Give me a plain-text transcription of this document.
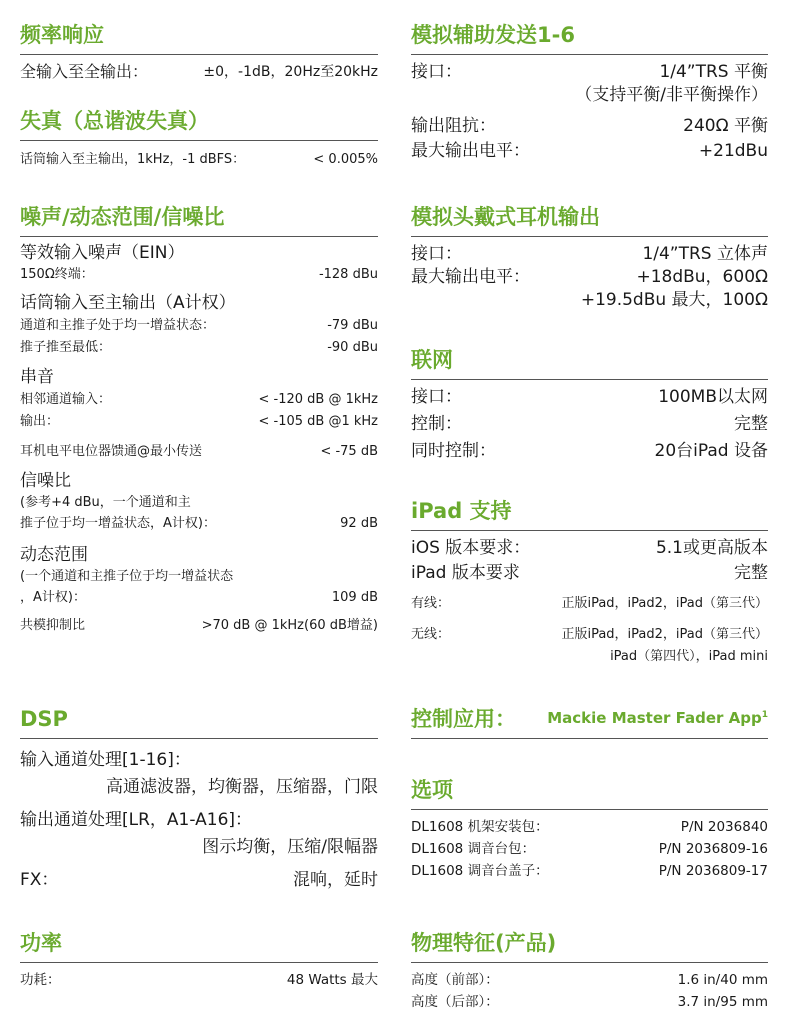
频率响应
全输入至全输出：	±0，-1dB，20Hz至20kHz
失真（总谐波失真）
话筒输入至主输出，1kHz，-1 dBFS：	< 0.005%
噪声/动态范围/信噪比
等效输入噪声（EIN）
150Ω终端：	-128 dBu
话筒输入至主输出（A计权）
通道和主推子处于均一增益状态：	-79 dBu
推子推至最低：	-90 dBu
串音
相邻通道输入：	< -120 dB @ 1kHz
输出：	< -105 dB @1 kHz
耳机电平电位器馈通@最小传送	< -75 dB
信噪比
(参考+4 dBu，一个通道和主
推子位于均一增益状态，A计权)：	92 dB
动态范围
(一个通道和主推子位于均一增益状态
，A计权)：	109 dB
共模抑制比	>70 dB @ 1kHz(60 dB增益)
DSP
输入通道处理[1-16]：
高通滤波器，均衡器，压缩器，门限
输出通道处理[LR，A1-A16]：
图示均衡，压缩/限幅器
FX：	混响，延时
功率
功耗：	48 Watts 最大
模拟辅助发送1-6
接口：	1/4”TRS 平衡
（支持平衡/非平衡操作）
输出阻抗：	240Ω 平衡
最大输出电平：	+21dBu
模拟头戴式耳机输出
接口：	1/4”TRS 立体声
最大输出电平：	+18dBu，600Ω
+19.5dBu 最大，100Ω
联网
接口：	100MB以太网
控制：	完整
同时控制：	20台iPad 设备
iPad 支持
iOS 版本要求：	5.1或更高版本
iPad 版本要求	完整
有线：	正版iPad，iPad2，iPad（第三代）
无线：	正版iPad，iPad2，iPad（第三代）
iPad（第四代），iPad mini
控制应用： Mackie Master Fader App$^1$
选项
DL1608 机架安装包：	P/N 2036840
DL1608 调音台包：	P/N 2036809-16
DL1608 调音台盖子：	P/N 2036809-17
物理特征(产品)
高度（前部）：	1.6 in/40 mm
高度（后部）：	3.7 in/95 mm
